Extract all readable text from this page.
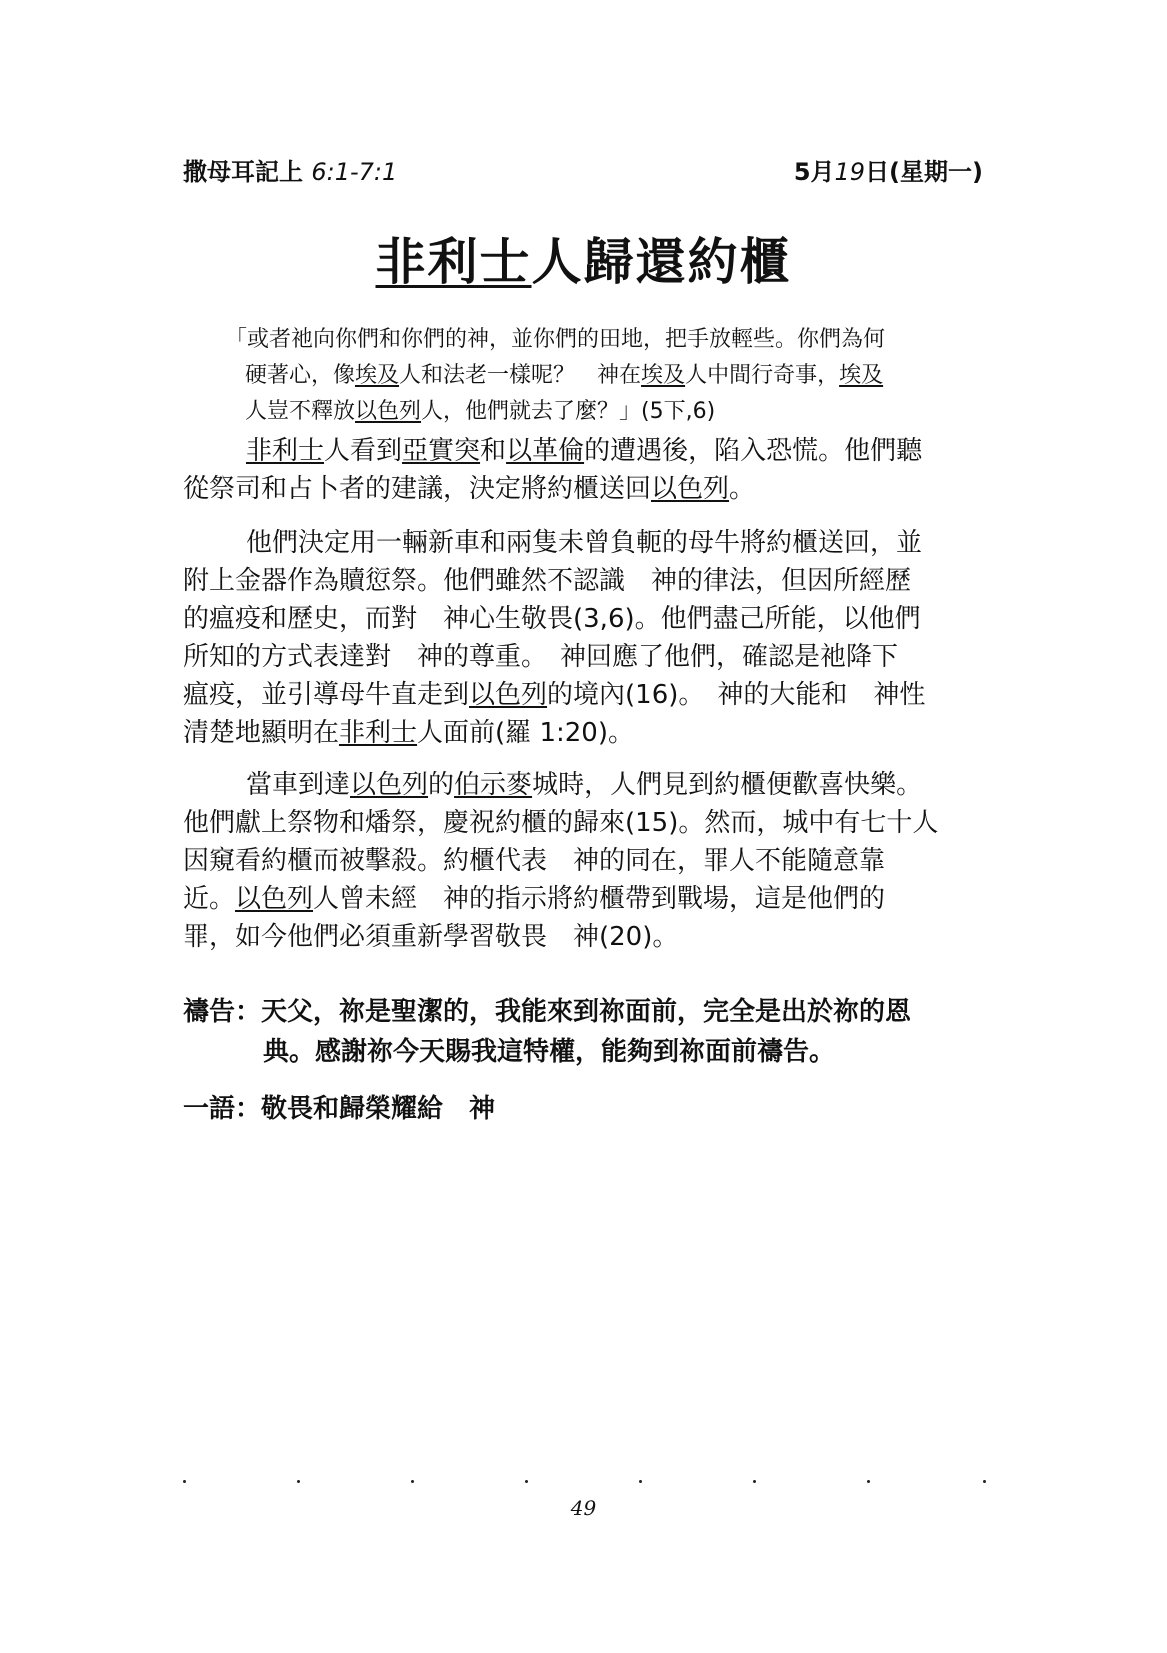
撒母耳記上 6:1-7:1	5月19日(星期一)
非利士人歸還約櫃
「或者祂向你們和你們的神，並你們的田地，把手放輕些。你們為何
硬著心，像埃及人和法老一樣呢？　神在埃及人中間行奇事，埃及
人豈不釋放以色列人，他們就去了麼？」(5下,6)
非利士人看到亞實突和以革倫的遭遇後，陷入恐慌。他們聽
從祭司和占卜者的建議，決定將約櫃送回以色列。
他們決定用一輛新車和兩隻未曾負軛的母牛將約櫃送回，並
附上金器作為贖愆祭。他們雖然不認識　神的律法，但因所經歷
的瘟疫和歷史，而對　神心生敬畏(3,6)。他們盡己所能，以他們
所知的方式表達對　神的尊重。　神回應了他們，確認是祂降下
瘟疫，並引導母牛直走到以色列的境內(16)。　神的大能和　神性
清楚地顯明在非利士人面前(羅 1:20)。
當車到達以色列的伯示麥城時，人們見到約櫃便歡喜快樂。
他們獻上祭物和燔祭，慶祝約櫃的歸來(15)。然而，城中有七十人
因窺看約櫃而被擊殺。約櫃代表　神的同在，罪人不能隨意靠
近。以色列人曾未經　神的指示將約櫃帶到戰場，這是他們的
罪，如今他們必須重新學習敬畏　神(20)。
禱告：天父，祢是聖潔的，我能來到祢面前，完全是出於祢的恩
典。感謝祢今天賜我這特權，能夠到祢面前禱告。
一語：敬畏和歸榮耀給　神
49
